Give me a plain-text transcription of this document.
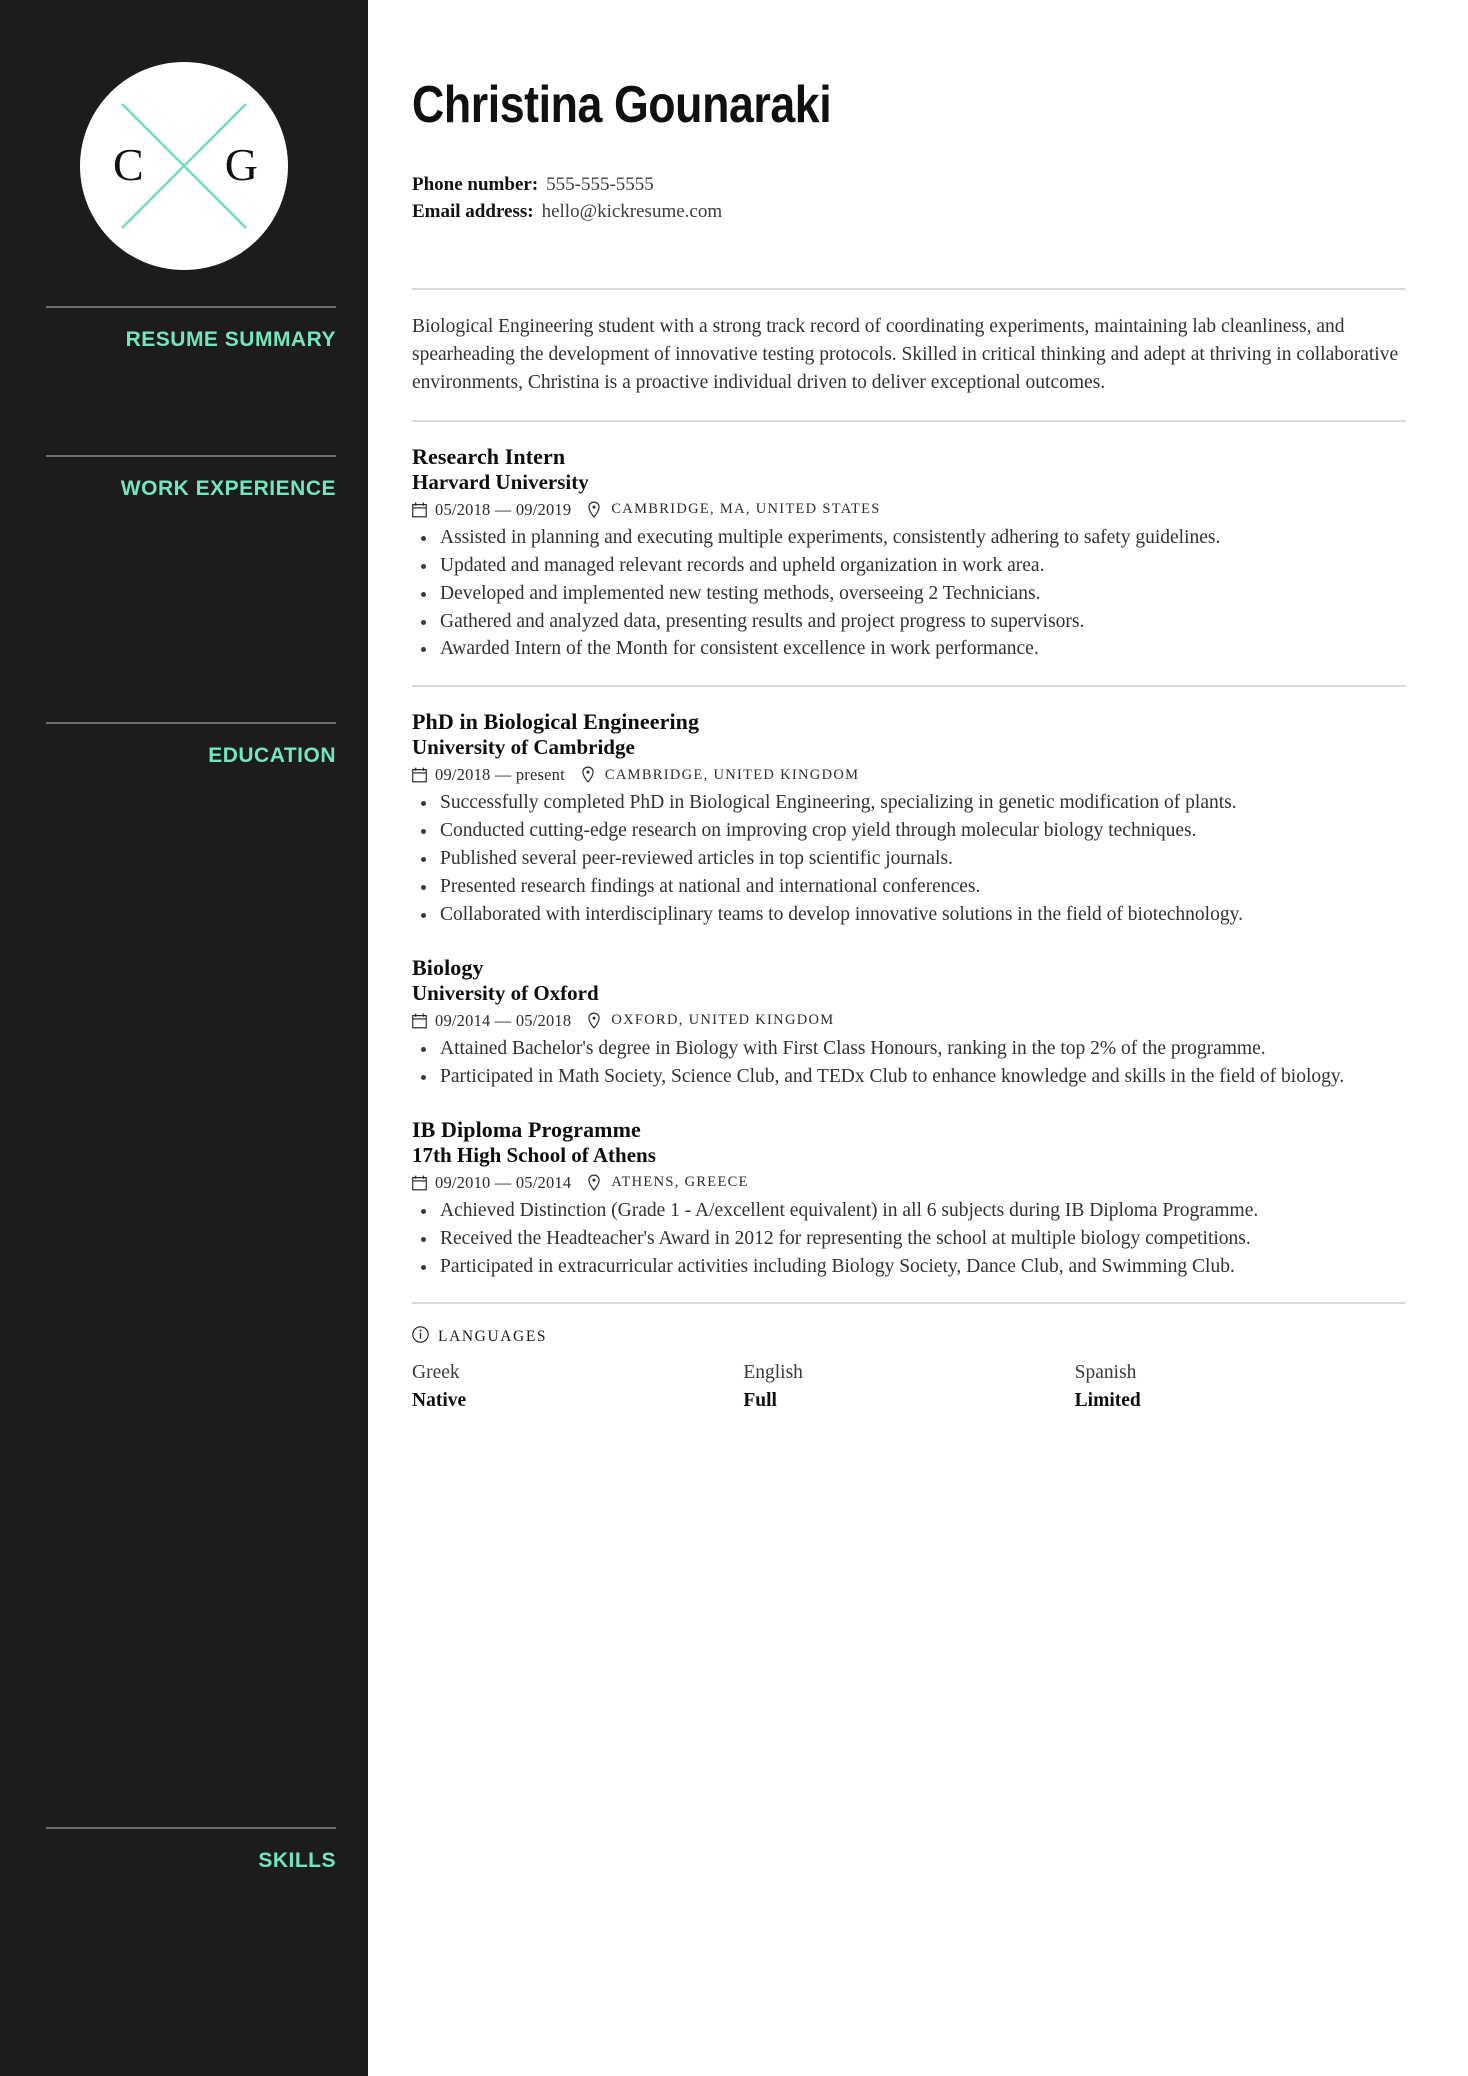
C G
RESUME SUMMARY
WORK EXPERIENCE
EDUCATION
SKILLS
Christina Gounaraki
Phone number: 555-555-5555
Email address: hello@kickresume.com

Biological Engineering student with a strong track record of coordinating experiments, maintaining lab cleanliness, and spearheading the development of innovative testing protocols. Skilled in critical thinking and adept at thriving in collaborative environments, Christina is a proactive individual driven to deliver exceptional outcomes.

Research Intern
Harvard University
05/2018 — 09/2019	CAMBRIDGE, MA, UNITED STATES
Assisted in planning and executing multiple experiments, consistently adhering to safety guidelines.
Updated and managed relevant records and upheld organization in work area.
Developed and implemented new testing methods, overseeing 2 Technicians.
Gathered and analyzed data, presenting results and project progress to supervisors.
Awarded Intern of the Month for consistent excellence in work performance.
PhD in Biological Engineering
University of Cambridge
09/2018 — present	CAMBRIDGE, UNITED KINGDOM
Successfully completed PhD in Biological Engineering, specializing in genetic modification of plants.
Conducted cutting-edge research on improving crop yield through molecular biology techniques.
Published several peer-reviewed articles in top scientific journals.
Presented research findings at national and international conferences.
Collaborated with interdisciplinary teams to develop innovative solutions in the field of biotechnology.
Biology
University of Oxford
09/2014 — 05/2018	OXFORD, UNITED KINGDOM
Attained Bachelor's degree in Biology with First Class Honours, ranking in the top 2% of the programme.
Participated in Math Society, Science Club, and TEDx Club to enhance knowledge and skills in the field of biology.
IB Diploma Programme
17th High School of Athens
09/2010 — 05/2014	ATHENS, GREECE
Achieved Distinction (Grade 1 - A/excellent equivalent) in all 6 subjects during IB Diploma Programme.
Received the Headteacher's Award in 2012 for representing the school at multiple biology competitions.
Participated in extracurricular activities including Biology Society, Dance Club, and Swimming Club.
LANGUAGES
Greek	English	Spanish
Native	Full	Limited
